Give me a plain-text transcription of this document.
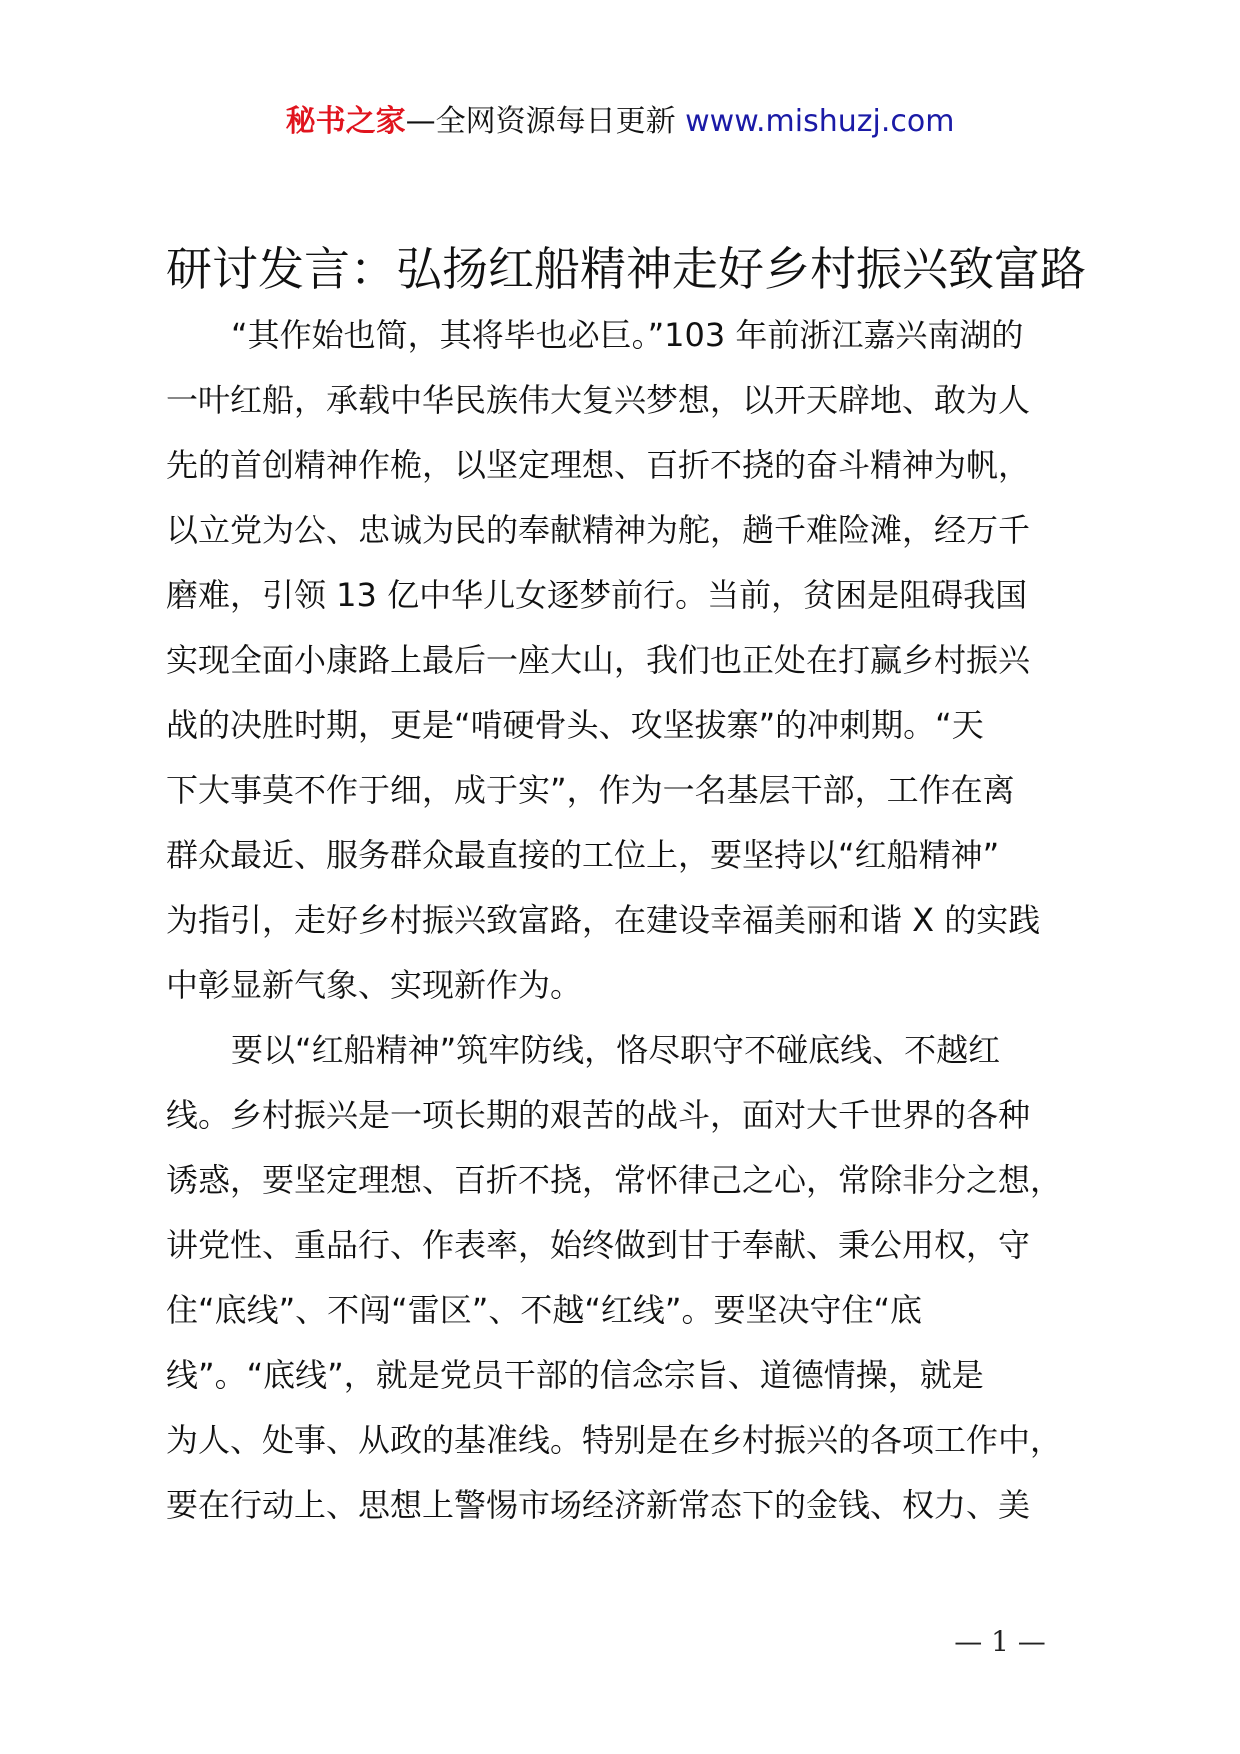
秘书之家—全网资源每日更新 www.mishuzj.com
研讨发言：弘扬红船精神走好乡村振兴致富路

“其作始也简，其将毕也必巨。”103 年前浙江嘉兴南湖的
一叶红船，承载中华民族伟大复兴梦想，以开天辟地、敢为人
先的首创精神作桅，以坚定理想、百折不挠的奋斗精神为帆，
以立党为公、忠诚为民的奉献精神为舵，趟千难险滩，经万千
磨难，引领 13 亿中华儿女逐梦前行。当前，贫困是阻碍我国
实现全面小康路上最后一座大山，我们也正处在打赢乡村振兴
战的决胜时期，更是“啃硬骨头、攻坚拔寨”的冲刺期。“天
下大事莫不作于细，成于实”，作为一名基层干部，工作在离
群众最近、服务群众最直接的工位上，要坚持以“红船精神”
为指引，走好乡村振兴致富路，在建设幸福美丽和谐 X 的实践
中彰显新气象、实现新作为。

要以“红船精神”筑牢防线，恪尽职守不碰底线、不越红
线。乡村振兴是一项长期的艰苦的战斗，面对大千世界的各种
诱惑，要坚定理想、百折不挠，常怀律己之心，常除非分之想，
讲党性、重品行、作表率，始终做到甘于奉献、秉公用权，守
住“底线”、不闯“雷区”、不越“红线”。要坚决守住“底
线”。“底线”，就是党员干部的信念宗旨、道德情操，就是
为人、处事、从政的基准线。特别是在乡村振兴的各项工作中，
要在行动上、思想上警惕市场经济新常态下的金钱、权力、美

— 1 —
